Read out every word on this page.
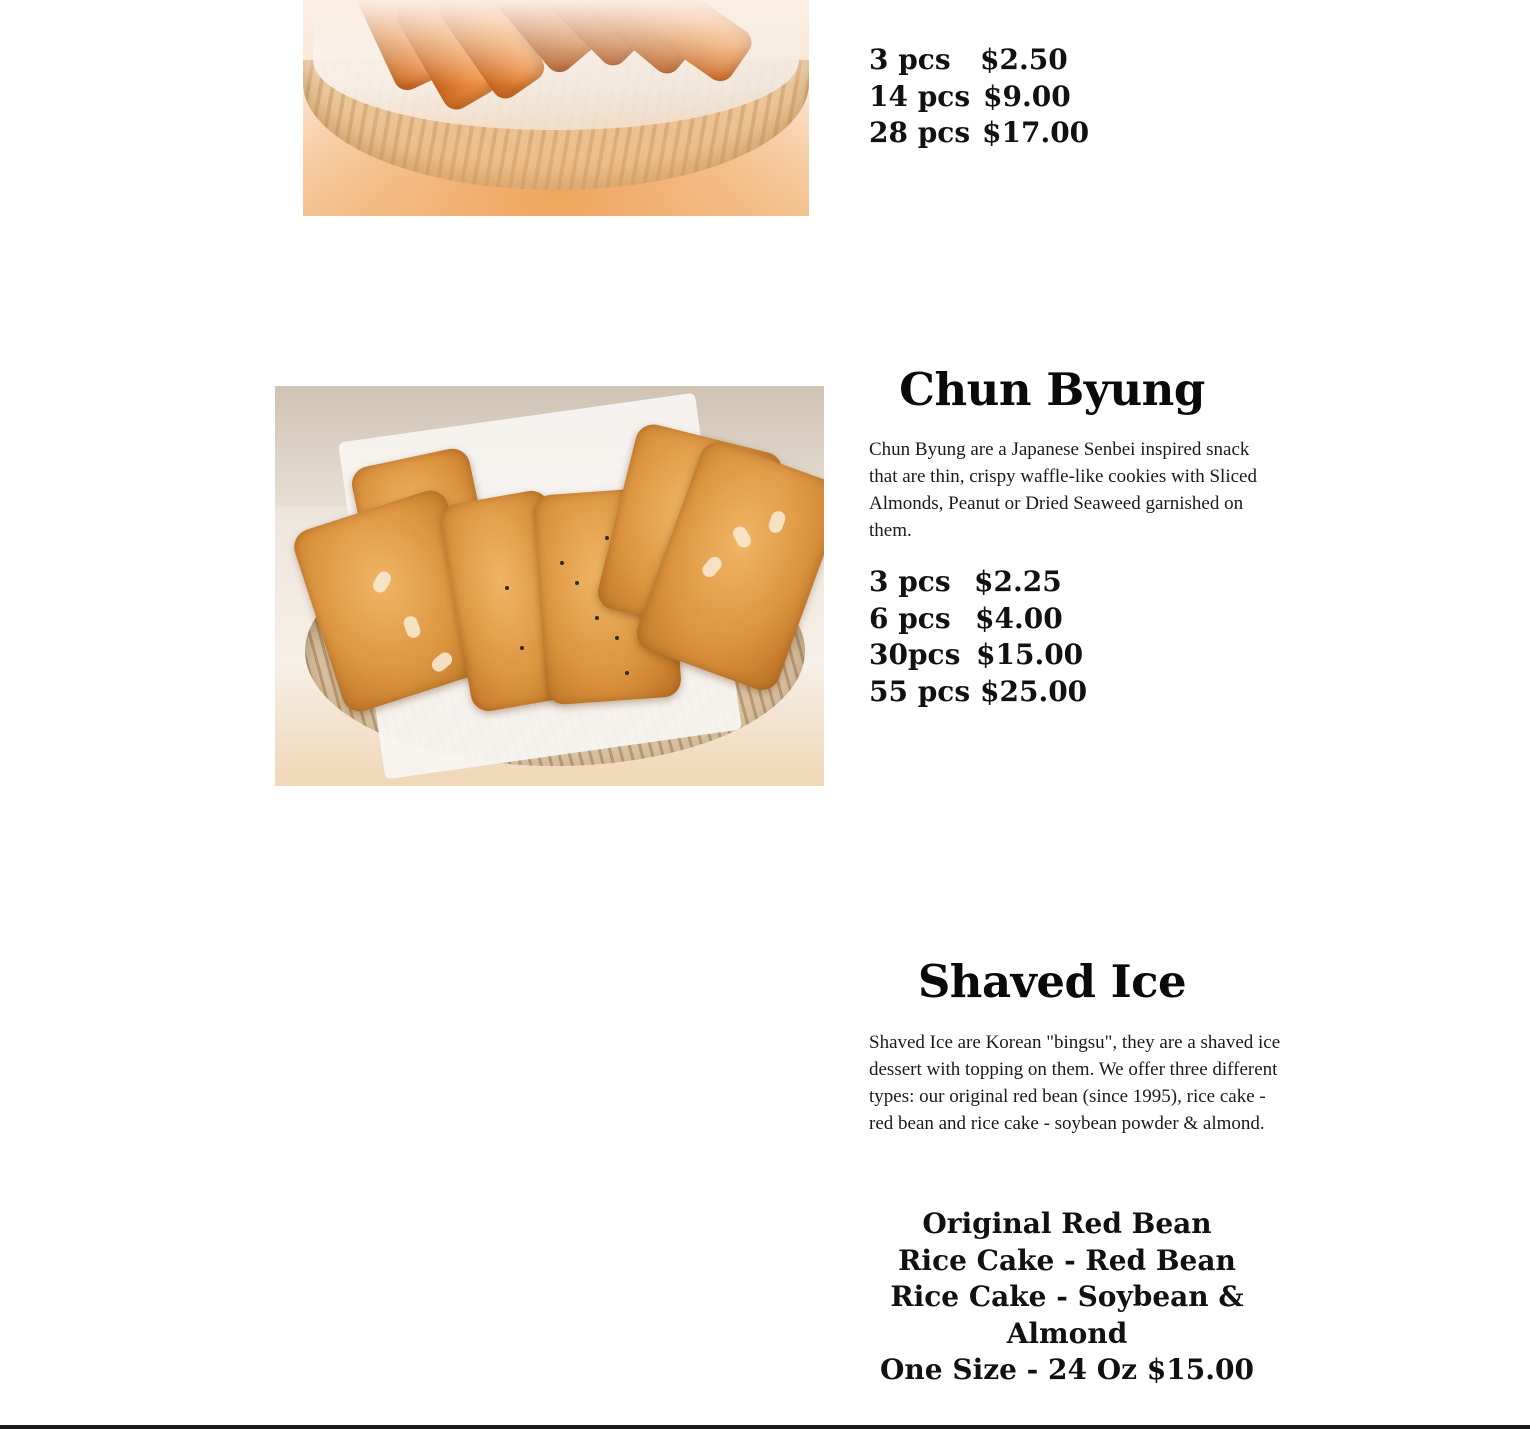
3 pcs $2.50
14 pcs $9.00
28 pcs $17.00
Chun Byung
Chun Byung are a Japanese Senbei inspired snack that are thin, crispy waffle-like cookies with Sliced Almonds, Peanut or Dried Seaweed garnished on them.
3 pcs $2.25
6 pcs $4.00
30pcs $15.00
55 pcs $25.00
Shaved Ice
Shaved Ice are Korean "bingsu", they are a shaved ice dessert with topping on them. We offer three different types: our original red bean (since 1995), rice cake - red bean and rice cake - soybean powder & almond.
Original Red Bean
Rice Cake - Red Bean
Rice Cake - Soybean & Almond
One Size - 24 Oz $15.00
